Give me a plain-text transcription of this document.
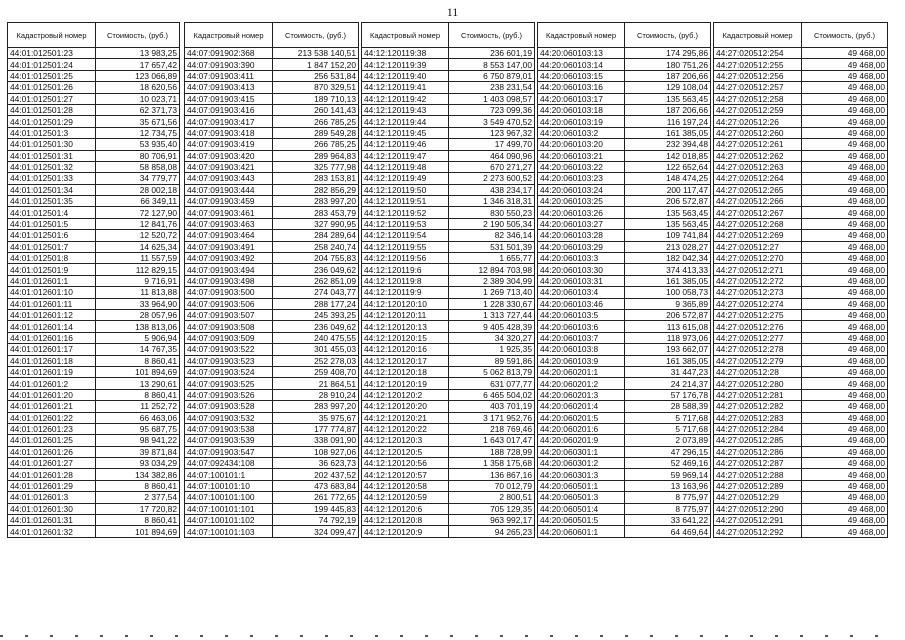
11
Кадастровый номер	Стоимость, (руб.)
44:01:012501:23	13 983,25
44:01:012501:24	17 657,42
44:01:012501:25	123 066,89
44:01:012501:26	18 620,56
44:01:012501:27	10 023,71
44:01:012501:28	62 371,73
44:01:012501:29	35 671,56
44:01:012501:3	12 734,75
44:01:012501:30	53 935,40
44:01:012501:31	80 706,91
44:01:012501:32	58 858,08
44:01:012501:33	34 779,77
44:01:012501:34	28 002,18
44:01:012501:35	66 349,11
44:01:012501:4	72 127,90
44:01:012501:5	12 841,76
44:01:012501:6	12 520,72
44:01:012501:7	14 625,34
44:01:012501:8	11 557,59
44:01:012501:9	112 829,15
44:01:012601:1	9 716,91
44:01:012601:10	11 813,88
44:01:012601:11	33 964,90
44:01:012601:12	28 057,96
44:01:012601:14	138 813,06
44:01:012601:16	5 906,94
44:01:012601:17	14 767,35
44:01:012601:18	8 860,41
44:01:012601:19	101 894,69
44:01:012601:2	13 290,61
44:01:012601:20	8 860,41
44:01:012601:21	11 252,72
44:01:012601:22	66 463,06
44:01:012601:23	95 687,75
44:01:012601:25	98 941,22
44:01:012601:26	39 871,84
44:01:012601:27	93 034,29
44:01:012601:28	134 382,86
44:01:012601:29	8 860,41
44:01:012601:3	2 377,54
44:01:012601:30	17 720,82
44:01:012601:31	8 860,41
44:01:012601:32	101 894,69
Кадастровый номер	Стоимость, (руб.)
44:07:091902:368	213 538 140,51
44:07:091903:390	1 847 152,20
44:07:091903:411	256 531,84
44:07:091903:413	870 329,51
44:07:091903:415	189 710,13
44:07:091903:416	260 141,43
44:07:091903:417	266 785,25
44:07:091903:418	289 549,28
44:07:091903:419	266 785,25
44:07:091903:420	289 964,83
44:07:091903:421	325 777,98
44:07:091903:443	283 153,81
44:07:091903:444	282 856,29
44:07:091903:459	283 997,20
44:07:091903:461	283 453,79
44:07:091903:463	327 990,95
44:07:091903:464	284 289,64
44:07:091903:491	258 240,74
44:07:091903:492	204 755,83
44:07:091903:494	236 049,62
44:07:091903:498	262 851,09
44:07:091903:500	274 043,77
44:07:091903:506	288 177,24
44:07:091903:507	245 393,25
44:07:091903:508	236 049,62
44:07:091903:509	240 475,55
44:07:091903:522	301 455,03
44:07:091903:523	252 278,03
44:07:091903:524	259 408,70
44:07:091903:525	21 864,51
44:07:091903:526	28 910,24
44:07:091903:528	283 997,20
44:07:091903:532	35 975,67
44:07:091903:538	177 774,87
44:07:091903:539	338 091,90
44:07:091903:547	108 927,06
44:07:092434:108	36 623,73
44:07:100101:1	202 437,52
44:07:100101:10	473 683,84
44:07:100101:100	261 772,65
44:07:100101:101	199 445,83
44:07:100101:102	74 792,19
44:07:100101:103	324 099,47
Кадастровый номер	Стоимость, (руб.)
44:12:120119:38	236 601,19
44:12:120119:39	8 553 147,00
44:12:120119:40	6 750 879,01
44:12:120119:41	238 231,54
44:12:120119:42	1 403 098,57
44:12:120119:43	723 099,36
44:12:120119:44	3 549 470,52
44:12:120119:45	123 967,32
44:12:120119:46	17 499,70
44:12:120119:47	464 090,96
44:12:120119:48	670 271,27
44:12:120119:49	2 273 600,52
44:12:120119:50	438 234,17
44:12:120119:51	1 346 318,31
44:12:120119:52	830 550,23
44:12:120119:53	2 190 505,34
44:12:120119:54	82 346,14
44:12:120119:55	531 501,39
44:12:120119:56	1 655,77
44:12:120119:6	12 894 703,98
44:12:120119:8	2 389 304,99
44:12:120119:9	1 269 713,40
44:12:120120:10	1 228 330,67
44:12:120120:11	1 313 727,44
44:12:120120:13	9 405 428,39
44:12:120120:15	34 320,27
44:12:120120:16	1 925,35
44:12:120120:17	89 591,86
44:12:120120:18	5 062 813,79
44:12:120120:19	631 077,77
44:12:120120:2	6 465 504,02
44:12:120120:20	403 701,19
44:12:120120:21	3 171 952,76
44:12:120120:22	218 769,46
44:12:120120:3	1 643 017,47
44:12:120120:5	188 728,99
44:12:120120:56	1 358 175,68
44:12:120120:57	136 867,16
44:12:120120:58	70 012,79
44:12:120120:59	2 800,51
44:12:120120:6	705 129,35
44:12:120120:8	963 992,17
44:12:120120:9	94 265,23
Кадастровый номер	Стоимость, (руб.)
44:20:060103:13	174 295,86
44:20:060103:14	180 751,26
44:20:060103:15	187 206,66
44:20:060103:16	129 108,04
44:20:060103:17	135 563,45
44:20:060103:18	187 206,66
44:20:060103:19	116 197,24
44:20:060103:2	161 385,05
44:20:060103:20	232 394,48
44:20:060103:21	142 018,85
44:20:060103:22	122 652,64
44:20:060103:23	148 474,25
44:20:060103:24	200 117,47
44:20:060103:25	206 572,87
44:20:060103:26	135 563,45
44:20:060103:27	135 563,45
44:20:060103:28	109 741,84
44:20:060103:29	213 028,27
44:20:060103:3	182 042,34
44:20:060103:30	374 413,33
44:20:060103:31	161 385,05
44:20:060103:4	100 058,73
44:20:060103:46	9 365,89
44:20:060103:5	206 572,87
44:20:060103:6	113 615,08
44:20:060103:7	118 973,06
44:20:060103:8	193 662,07
44:20:060103:9	161 385,05
44:20:060201:1	31 447,23
44:20:060201:2	24 214,37
44:20:060201:3	57 176,78
44:20:060201:4	28 588,39
44:20:060201:5	5 717,68
44:20:060201:6	5 717,68
44:20:060201:9	2 073,89
44:20:060301:1	47 296,15
44:20:060301:2	52 469,16
44:20:060301:3	59 969,14
44:20:060501:1	13 163,96
44:20:060501:3	8 775,97
44:20:060501:4	8 775,97
44:20:060501:5	33 641,22
44:20:060601:1	64 469,64
Кадастровый номер	Стоимость, (руб.)
44:27:020512:254	49 468,00
44:27:020512:255	49 468,00
44:27:020512:256	49 468,00
44:27:020512:257	49 468,00
44:27:020512:258	49 468,00
44:27:020512:259	49 468,00
44:27:020512:26	49 468,00
44:27:020512:260	49 468,00
44:27:020512:261	49 468,00
44:27:020512:262	49 468,00
44:27:020512:263	49 468,00
44:27:020512:264	49 468,00
44:27:020512:265	49 468,00
44:27:020512:266	49 468,00
44:27:020512:267	49 468,00
44:27:020512:268	49 468,00
44:27:020512:269	49 468,00
44:27:020512:27	49 468,00
44:27:020512:270	49 468,00
44:27:020512:271	49 468,00
44:27:020512:272	49 468,00
44:27:020512:273	49 468,00
44:27:020512:274	49 468,00
44:27:020512:275	49 468,00
44:27:020512:276	49 468,00
44:27:020512:277	49 468,00
44:27:020512:278	49 468,00
44:27:020512:279	49 468,00
44:27:020512:28	49 468,00
44:27:020512:280	49 468,00
44:27:020512:281	49 468,00
44:27:020512:282	49 468,00
44:27:020512:283	49 468,00
44:27:020512:284	49 468,00
44:27:020512:285	49 468,00
44:27:020512:286	49 468,00
44:27:020512:287	49 468,00
44:27:020512:288	49 468,00
44:27:020512:289	49 468,00
44:27:020512:29	49 468,00
44:27:020512:290	49 468,00
44:27:020512:291	49 468,00
44:27:020512:292	49 468,00
